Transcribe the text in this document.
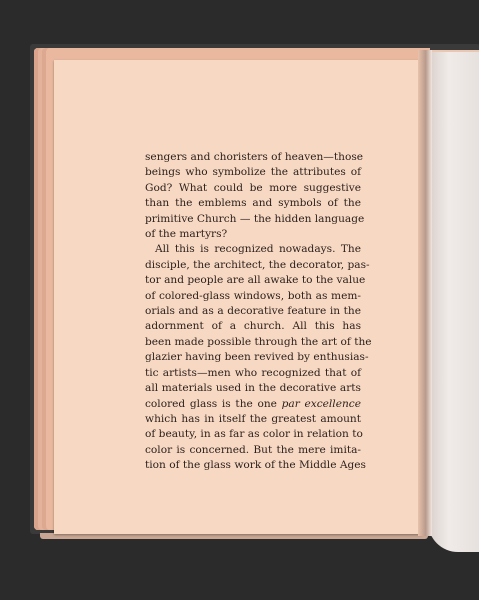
sengers and choristers of heaven—those
beings who symbolize the attributes of
God? What could be more suggestive
than the emblems and symbols of the
primitive Church — the hidden language
of the martyrs?
All this is recognized nowadays. The
disciple, the architect, the decorator, pas-
tor and people are all awake to the value
of colored-glass windows, both as mem-
orials and as a decorative feature in the
adornment of a church. All this has
been made possible through the art of the
glazier having been revived by enthusias-
tic artists—men who recognized that of
all materials used in the decorative arts
colored glass is the one par excellence
which has in itself the greatest amount
of beauty, in as far as color in relation to
color is concerned. But the mere imita-
tion of the glass work of the Middle Ages
